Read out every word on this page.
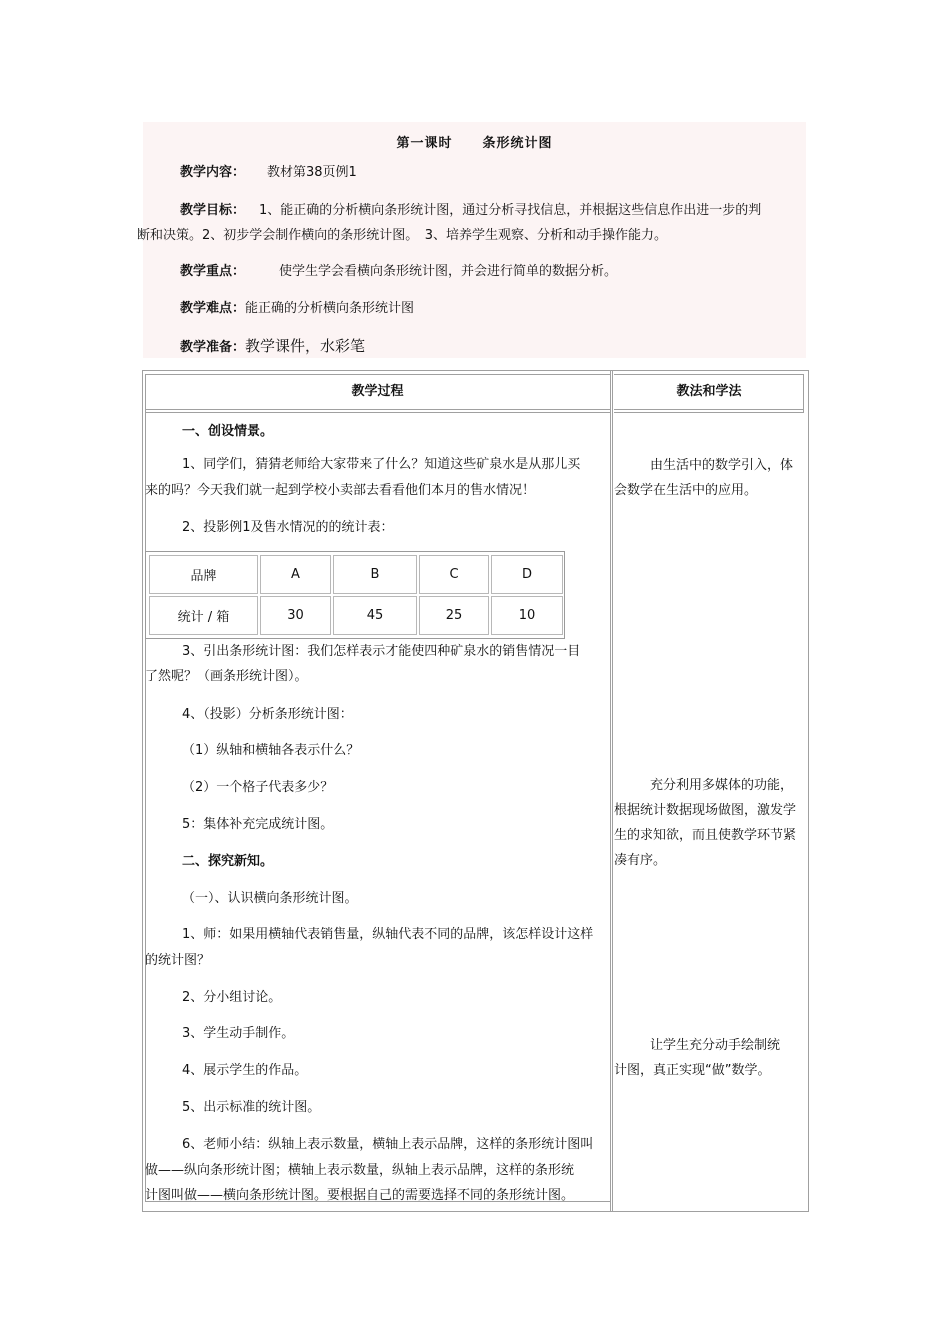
第一课时 条形统计图
教学内容： 教材第38页例1
教学目标： 1、能正确的分析横向条形统计图，通过分析寻找信息，并根据这些信息作出进一步的判
断和决策。2、初步学会制作横向的条形统计图。　3、培养学生观察、分析和动手操作能力。
教学重点：	使学生学会看横向条形统计图，并会进行简单的数据分析。
教学难点：能正确的分析横向条形统计图
教学准备：教学课件，水彩笔
教学过程	教法和学法
一、创设情景。
1、同学们，猜猜老师给大家带来了什么？知道这些矿泉水是从那儿买
来的吗？今天我们就一起到学校小卖部去看看他们本月的售水情况！
2、投影例1及售水情况的的统计表：
品牌	A	B	C	D
统计 / 箱	30	45	25	10
3、引出条形统计图：我们怎样表示才能使四种矿泉水的销售情况一目
了然呢？（画条形统计图）。
4、（投影）分析条形统计图：
（1）纵轴和横轴各表示什么？
（2）一个格子代表多少？
5：集体补充完成统计图。
二、探究新知。
（一）、认识横向条形统计图。
1、师：如果用横轴代表销售量，纵轴代表不同的品牌，该怎样设计这样
的统计图？
2、分小组讨论。
3、学生动手制作。
4、展示学生的作品。
5、出示标准的统计图。
6、老师小结：纵轴上表示数量，横轴上表示品牌，这样的条形统计图叫
做——纵向条形统计图；横轴上表示数量，纵轴上表示品牌，这样的条形统
计图叫做——横向条形统计图。要根据自己的需要选择不同的条形统计图。
由生活中的数学引入，体
会数学在生活中的应用。
充分利用多媒体的功能，
根据统计数据现场做图，激发学
生的求知欲，而且使教学环节紧
凑有序。
让学生充分动手绘制统
计图，真正实现“做”数学。
